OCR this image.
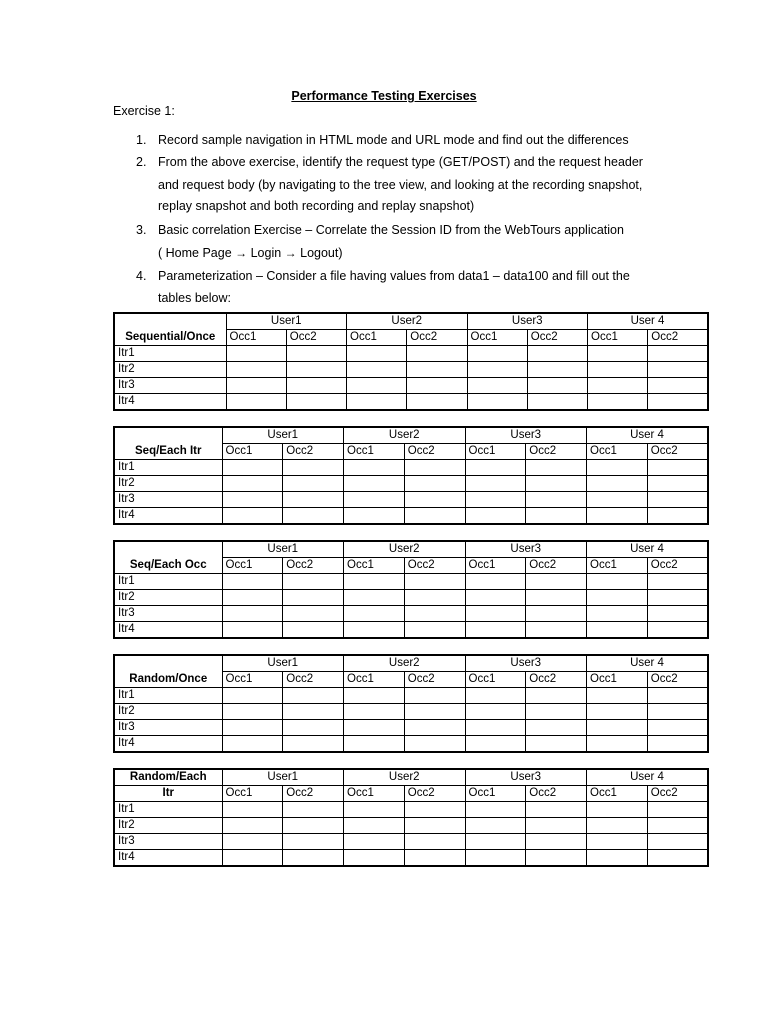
Performance Testing Exercises
Exercise 1:
1. Record sample navigation in HTML mode and URL mode and find out the differences
2. From the above exercise, identify the request type (GET/POST) and the request header
and request body (by navigating to the tree view, and looking at the recording snapshot,
replay snapshot and both recording and replay snapshot)
3. Basic correlation Exercise – Correlate the Session ID from the WebTours application
( Home Page → Login → Logout)
4. Parameterization – Consider a file having values from data1 – data100 and fill out the
tables below:
	User1		User2		User3		User 4	
Sequential/Once	Occ1	Occ2	Occ1	Occ2	Occ1	Occ2	Occ1	Occ2
Itr1								
Itr2								
Itr3								
Itr4								
	User1		User2		User3		User 4	
Seq/Each Itr	Occ1	Occ2	Occ1	Occ2	Occ1	Occ2	Occ1	Occ2
Itr1								
Itr2								
Itr3								
Itr4								
	User1		User2		User3		User 4	
Seq/Each Occ	Occ1	Occ2	Occ1	Occ2	Occ1	Occ2	Occ1	Occ2
Itr1								
Itr2								
Itr3								
Itr4								
	User1		User2		User3		User 4	
Random/Once	Occ1	Occ2	Occ1	Occ2	Occ1	Occ2	Occ1	Occ2
Itr1								
Itr2								
Itr3								
Itr4								
Random/Each	User1		User2		User3		User 4	
Itr	Occ1	Occ2	Occ1	Occ2	Occ1	Occ2	Occ1	Occ2
Itr1								
Itr2								
Itr3								
Itr4								
